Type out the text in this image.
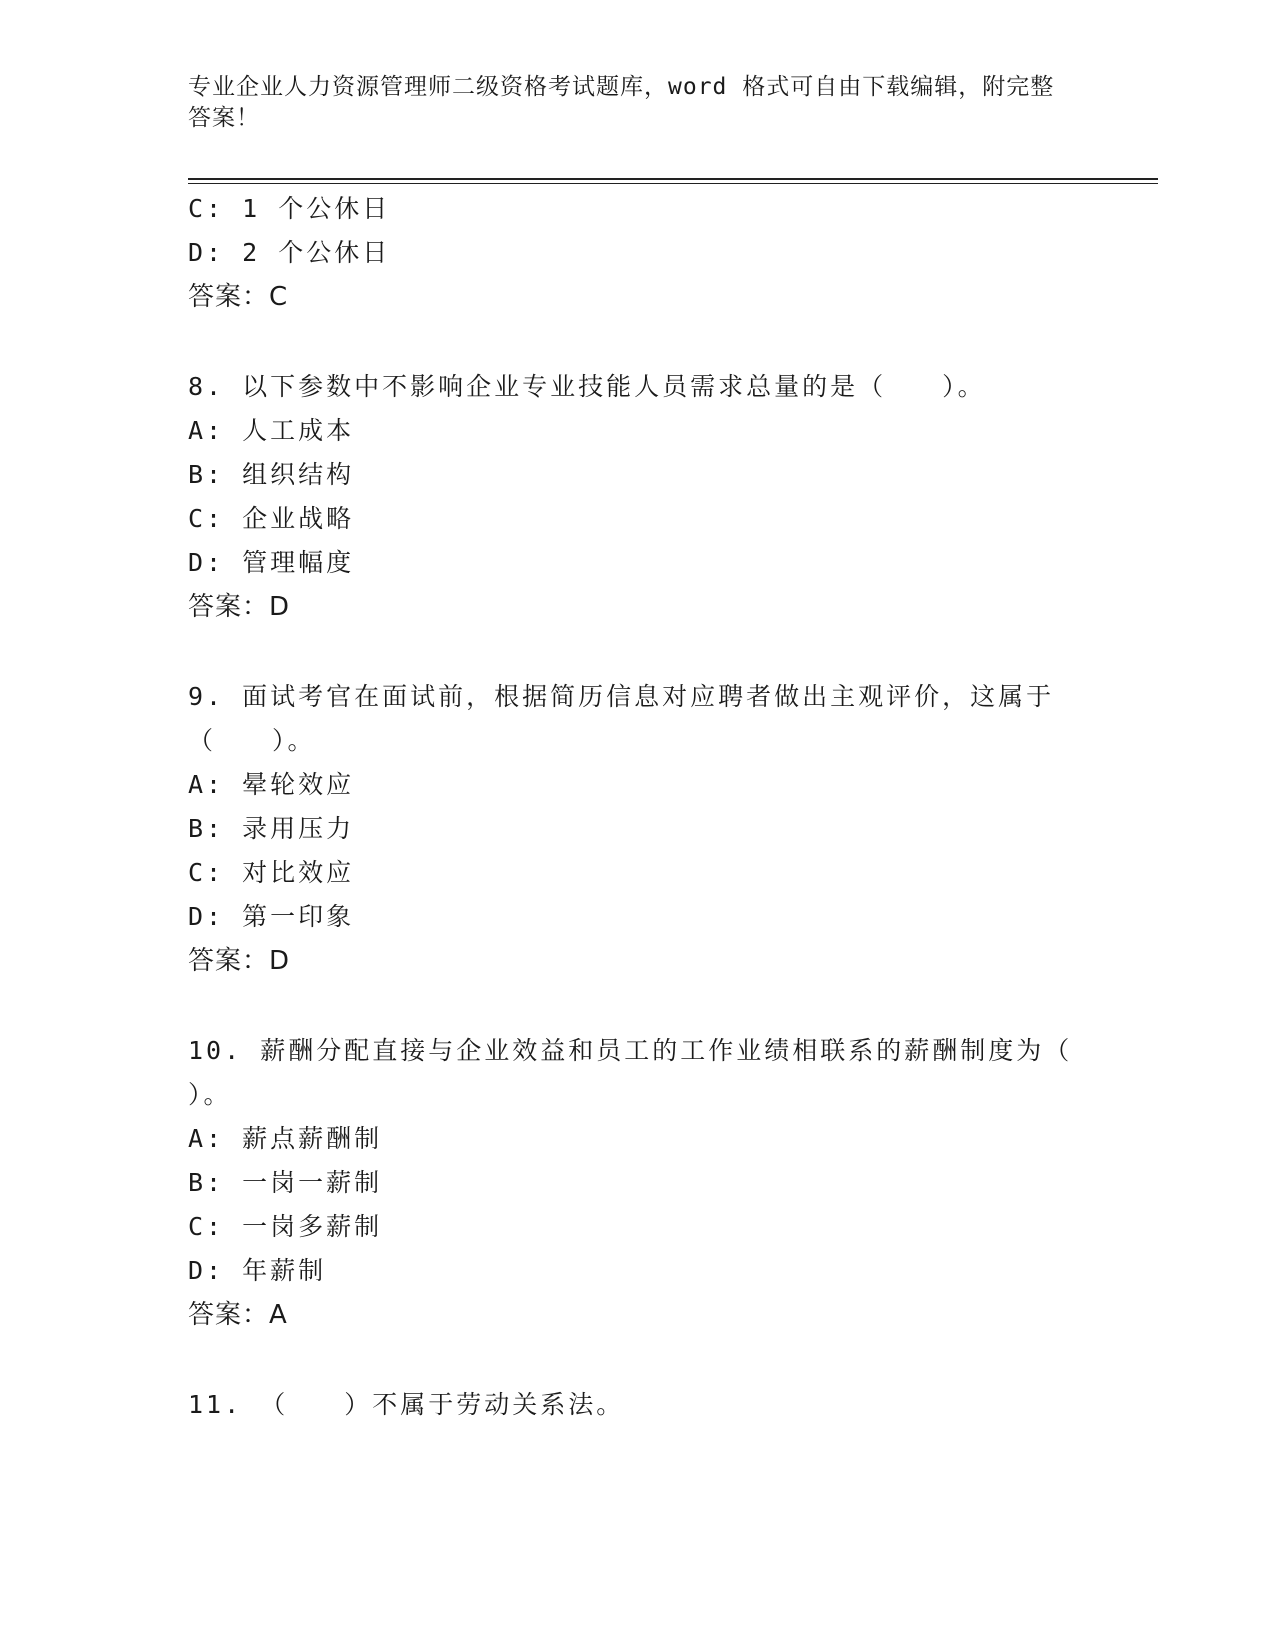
专业企业人力资源管理师二级资格考试题库，word 格式可自由下载编辑，附完整
答案！
C: 1 个公休日
D: 2 个公休日
答案：C
8. 以下参数中不影响企业专业技能人员需求总量的是（　　）。
A: 人工成本
B: 组织结构
C: 企业战略
D: 管理幅度
答案：D
9. 面试考官在面试前，根据简历信息对应聘者做出主观评价，这属于
（　　）。
A: 晕轮效应
B: 录用压力
C: 对比效应
D: 第一印象
答案：D
10. 薪酬分配直接与企业效益和员工的工作业绩相联系的薪酬制度为（
）。
A: 薪点薪酬制
B: 一岗一薪制
C: 一岗多薪制
D: 年薪制
答案：A
11. （　　）不属于劳动关系法。
